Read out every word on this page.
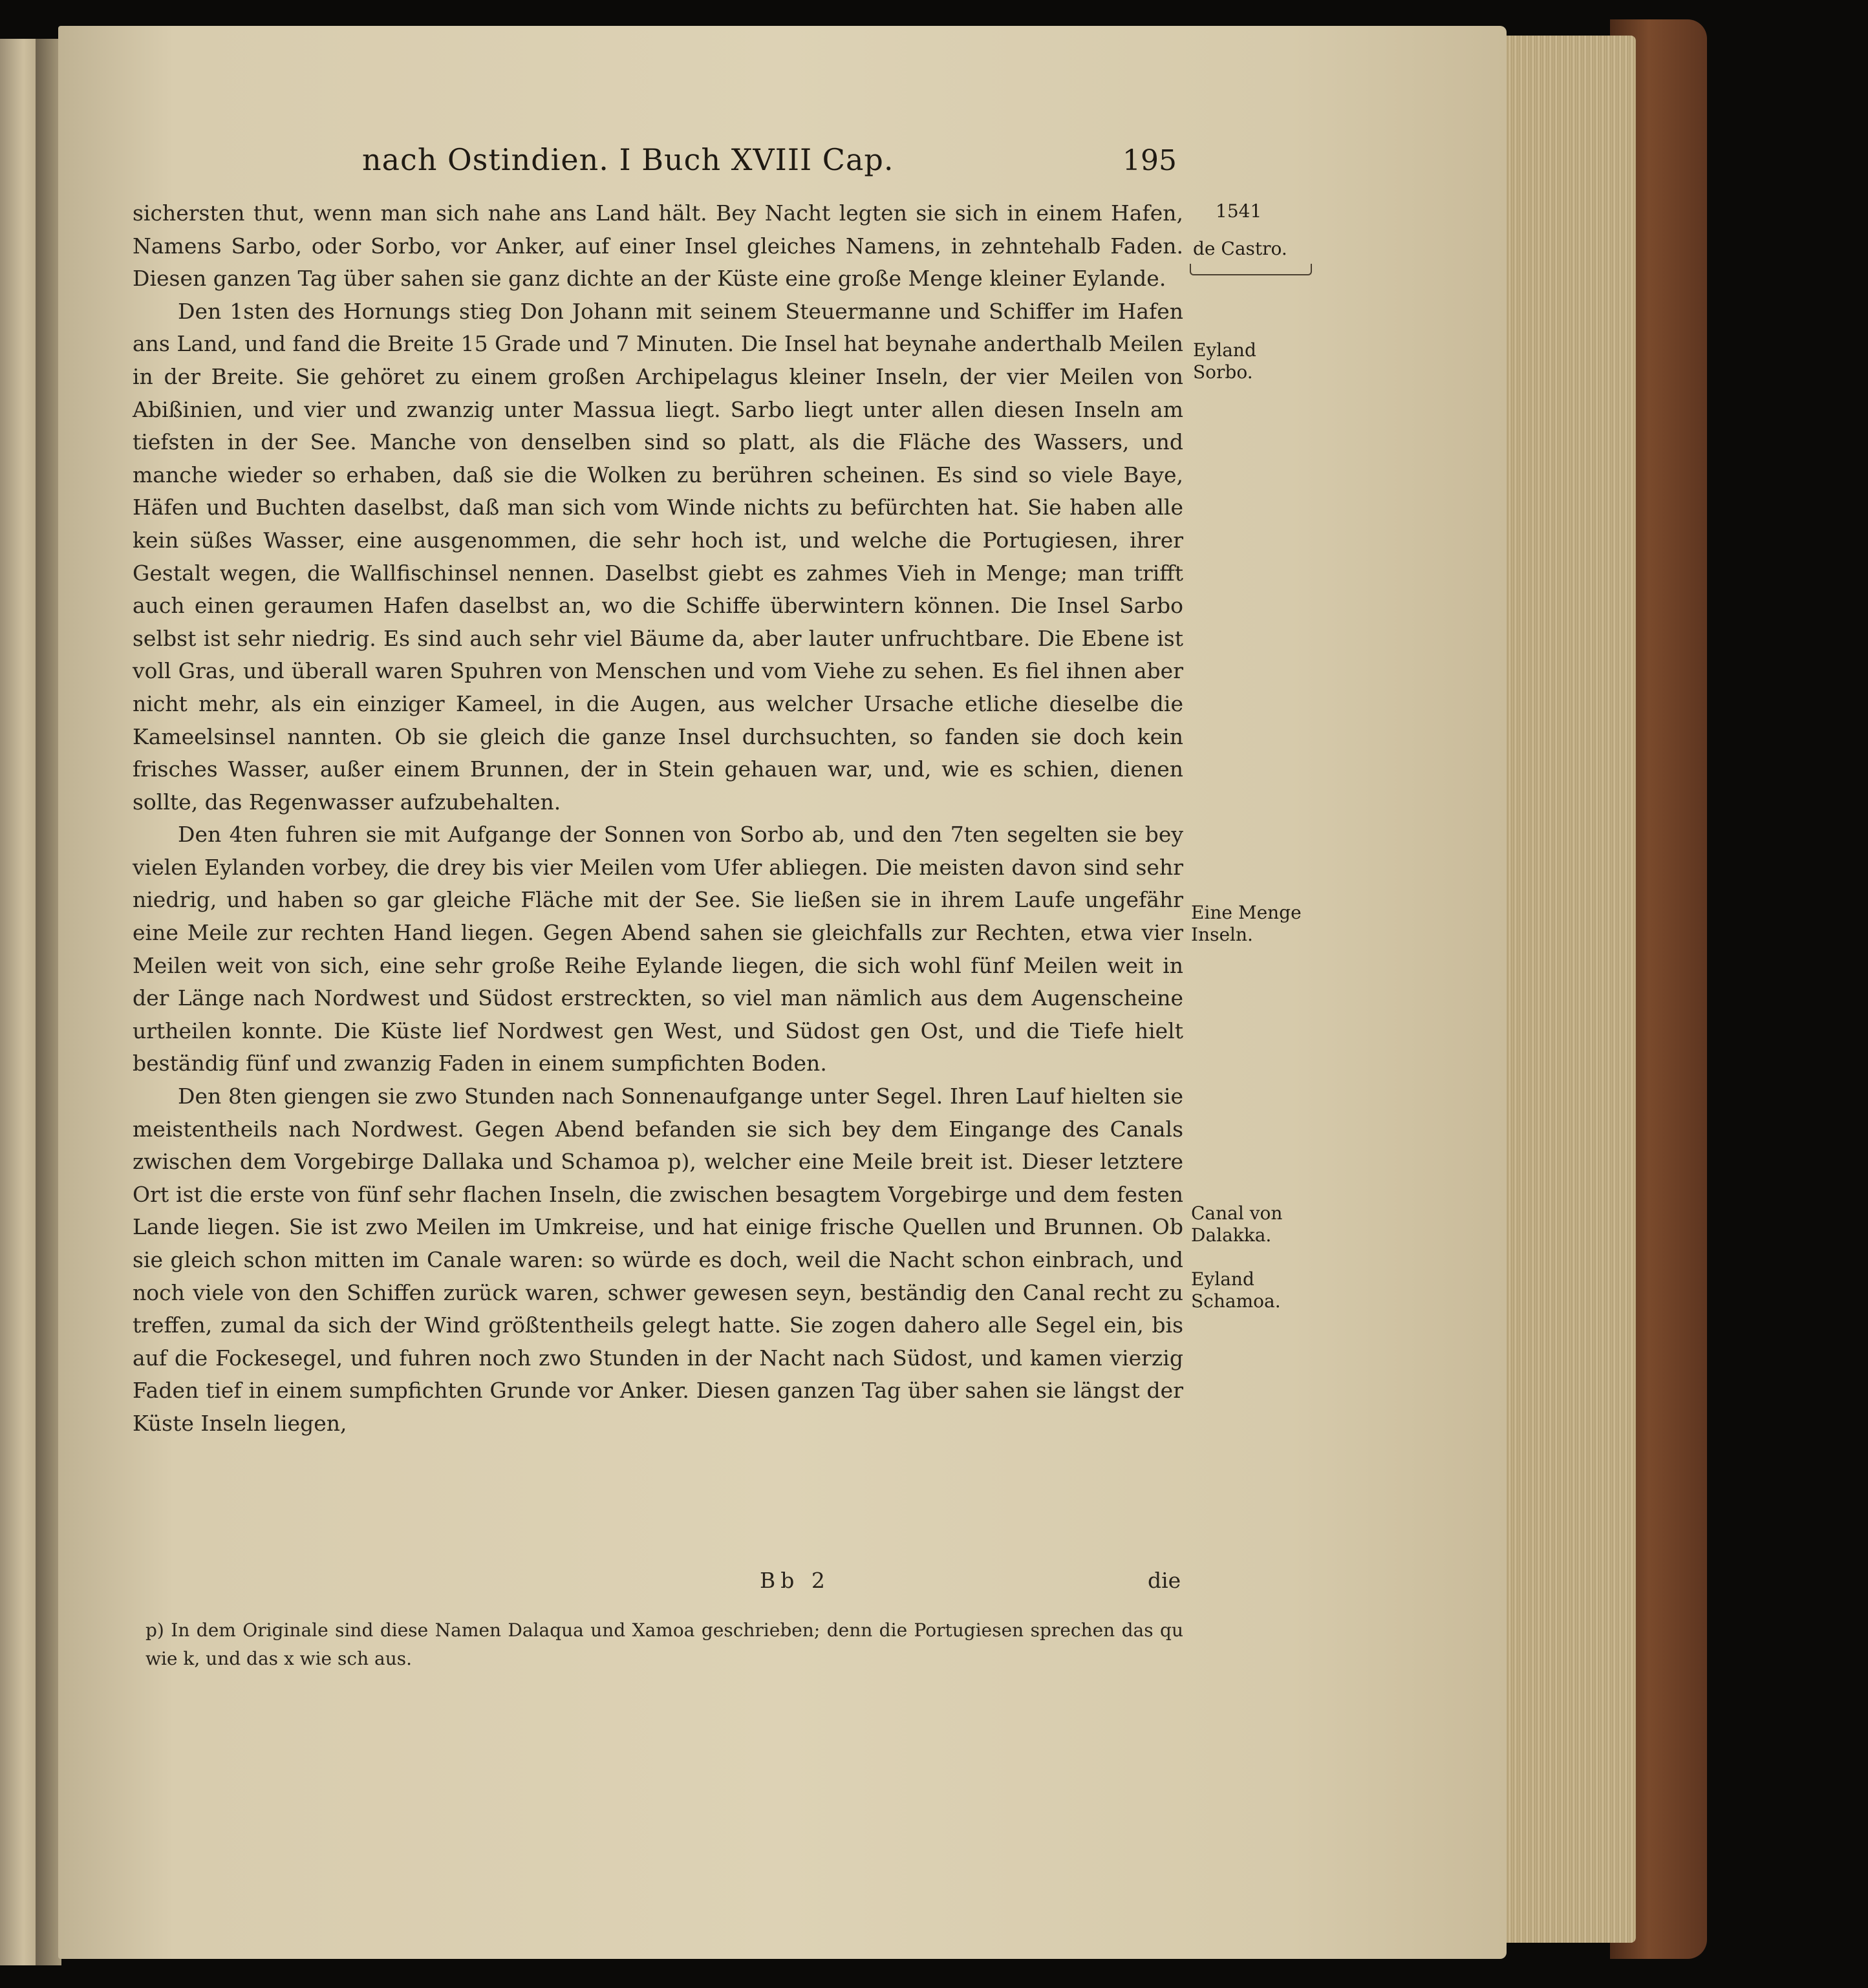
nach Ostindien. I Buch XVIII Cap.	195

sichersten thut, wenn man sich nahe ans Land hält. Bey Nacht legten sie sich in einem Hafen, Namens Sarbo, oder Sorbo, vor Anker, auf einer Insel gleiches Namens, in zehntehalb Faden. Diesen ganzen Tag über sahen sie ganz dichte an der Küste eine große Menge kleiner Eylande.

Den 1sten des Hornungs stieg Don Johann mit seinem Steuermanne und Schiffer im Hafen ans Land, und fand die Breite 15 Grade und 7 Minuten. Die Insel hat beynahe anderthalb Meilen in der Breite. Sie gehöret zu einem großen Archipelagus kleiner Inseln, der vier Meilen von Abißinien, und vier und zwanzig unter Massua liegt. Sarbo liegt unter allen diesen Inseln am tiefsten in der See. Manche von denselben sind so platt, als die Fläche des Wassers, und manche wieder so erhaben, daß sie die Wolken zu berühren scheinen. Es sind so viele Baye, Häfen und Buchten daselbst, daß man sich vom Winde nichts zu befürchten hat. Sie haben alle kein süßes Wasser, eine ausgenommen, die sehr hoch ist, und welche die Portugiesen, ihrer Gestalt wegen, die Wallfischinsel nennen. Daselbst giebt es zahmes Vieh in Menge; man trifft auch einen geraumen Hafen daselbst an, wo die Schiffe überwintern können. Die Insel Sarbo selbst ist sehr niedrig. Es sind auch sehr viel Bäume da, aber lauter unfruchtbare. Die Ebene ist voll Gras, und überall waren Spuhren von Menschen und vom Viehe zu sehen. Es fiel ihnen aber nicht mehr, als ein einziger Kameel, in die Augen, aus welcher Ursache etliche dieselbe die Kameelsinsel nannten. Ob sie gleich die ganze Insel durchsuchten, so fanden sie doch kein frisches Wasser, außer einem Brunnen, der in Stein gehauen war, und, wie es schien, dienen sollte, das Regenwasser aufzubehalten.

Den 4ten fuhren sie mit Aufgange der Sonnen von Sorbo ab, und den 7ten segelten sie bey vielen Eylanden vorbey, die drey bis vier Meilen vom Ufer abliegen. Die meisten davon sind sehr niedrig, und haben so gar gleiche Fläche mit der See. Sie ließen sie in ihrem Laufe ungefähr eine Meile zur rechten Hand liegen. Gegen Abend sahen sie gleichfalls zur Rechten, etwa vier Meilen weit von sich, eine sehr große Reihe Eylande liegen, die sich wohl fünf Meilen weit in der Länge nach Nordwest und Südost erstreckten, so viel man nämlich aus dem Augenscheine urtheilen konnte. Die Küste lief Nordwest gen West, und Südost gen Ost, und die Tiefe hielt beständig fünf und zwanzig Faden in einem sumpfichten Boden.

Den 8ten giengen sie zwo Stunden nach Sonnenaufgange unter Segel. Ihren Lauf hielten sie meistentheils nach Nordwest. Gegen Abend befanden sie sich bey dem Eingange des Canals zwischen dem Vorgebirge Dallaka und Schamoa p), welcher eine Meile breit ist. Dieser letztere Ort ist die erste von fünf sehr flachen Inseln, die zwischen besagtem Vorgebirge und dem festen Lande liegen. Sie ist zwo Meilen im Umkreise, und hat einige frische Quellen und Brunnen. Ob sie gleich schon mitten im Canale waren: so würde es doch, weil die Nacht schon einbrach, und noch viele von den Schiffen zurück waren, schwer gewesen seyn, beständig den Canal recht zu treffen, zumal da sich der Wind größtentheils gelegt hatte. Sie zogen dahero alle Segel ein, bis auf die Fockesegel, und fuhren noch zwo Stunden in der Nacht nach Südost, und kamen vierzig Faden tief in einem sumpfichten Grunde vor Anker. Diesen ganzen Tag über sahen sie längst der Küste Inseln liegen,

1541
de Castro.
Eyland Sorbo.
Eine Menge Inseln.
Canal von Dalakka.
Eyland Schamoa.
Bb 2	die
p) In dem Originale sind diese Namen Dalaqua und Xamoa geschrieben; denn die Portugiesen sprechen das qu wie k, und das x wie sch aus.
